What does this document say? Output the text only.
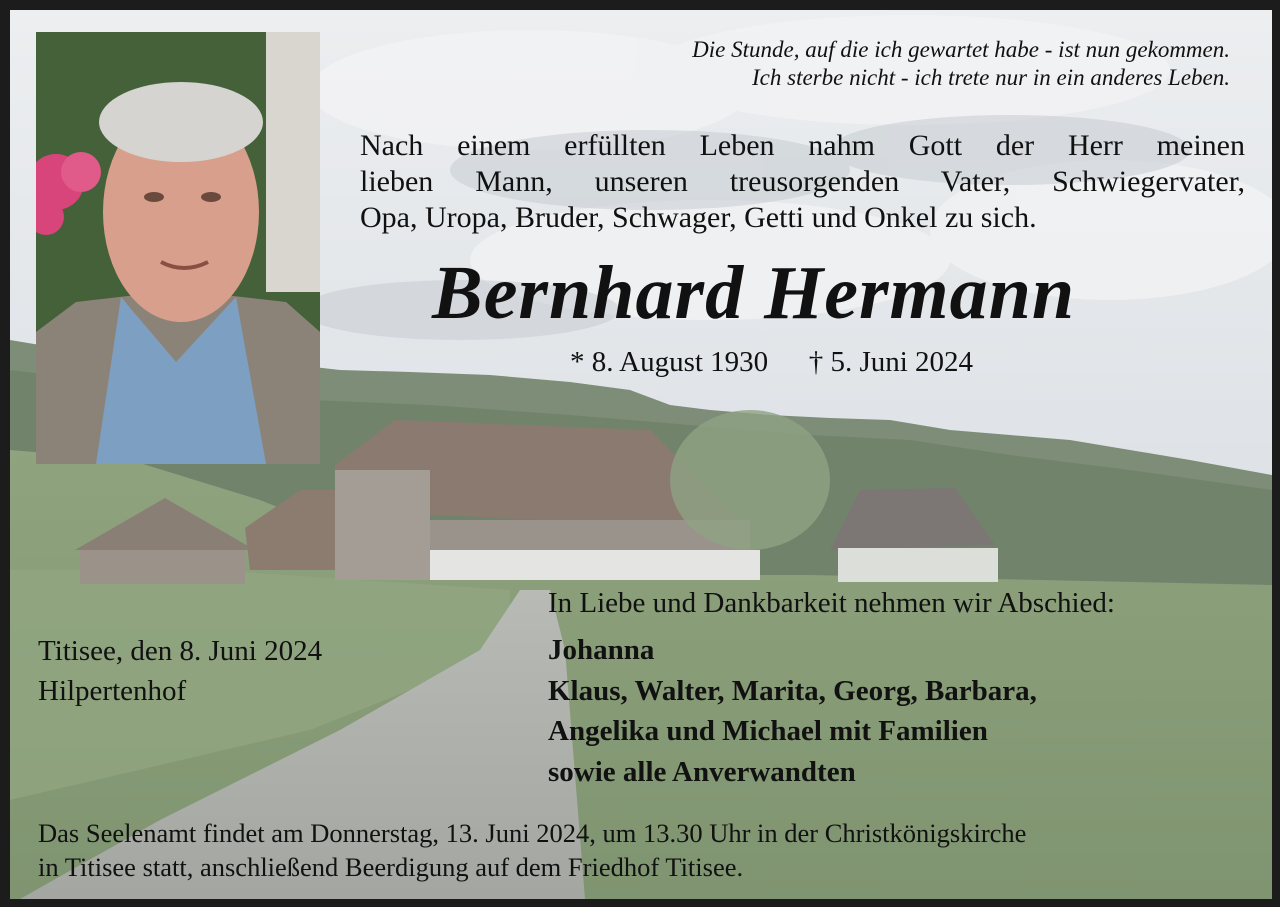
Die Stunde, auf die ich gewartet habe - ist nun gekommen.
Ich sterbe nicht - ich trete nur in ein anderes Leben.
Nach einem erfüllten Leben nahm Gott der Herr meinen
lieben Mann, unseren treusorgenden Vater, Schwiegervater,
Opa, Uropa, Bruder, Schwager, Getti und Onkel zu sich.
Bernhard Hermann
* 8. August 1930 † 5. Juni 2024
In Liebe und Dankbarkeit nehmen wir Abschied:
Johanna
Klaus, Walter, Marita, Georg, Barbara,
Angelika und Michael mit Familien
sowie alle Anverwandten
Titisee, den 8. Juni 2024
Hilpertenhof
Das Seelenamt findet am Donnerstag, 13. Juni 2024, um 13.30 Uhr in der Christkönigskirche
in Titisee statt, anschließend Beerdigung auf dem Friedhof Titisee.
